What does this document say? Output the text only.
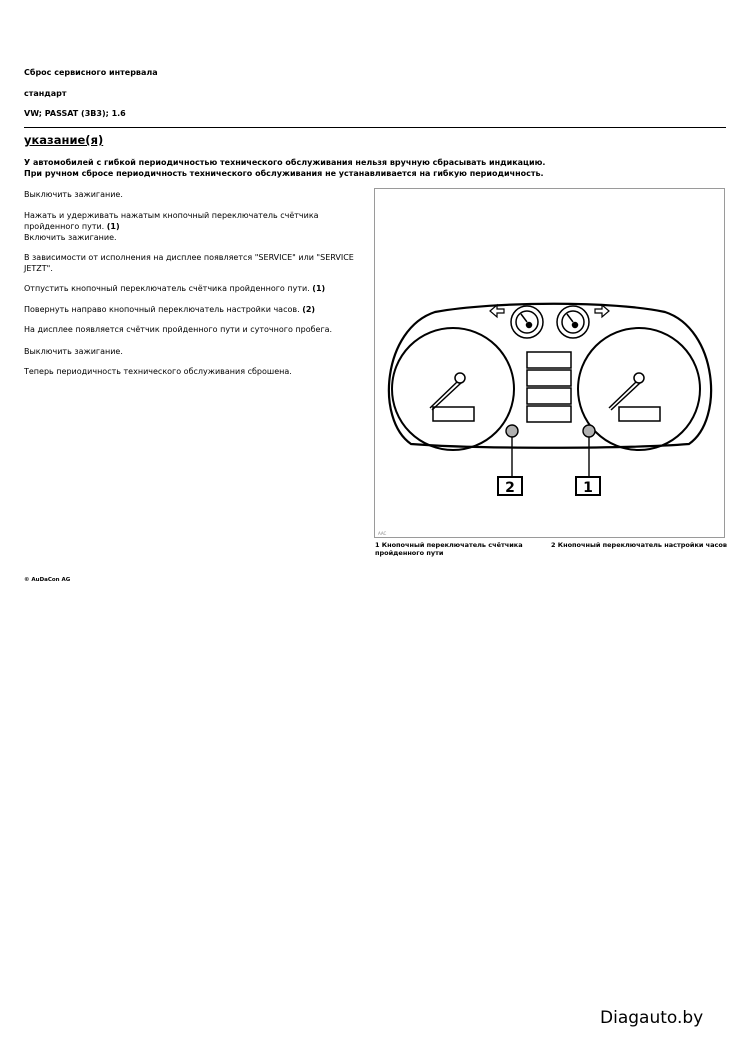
Сброс сервисного интервала
стандарт
VW; PASSAT (3B3); 1.6
указание(я)
У автомобилей с гибкой периодичностью технического обслуживания нельзя вручную сбрасывать индикацию.
При ручном сбросе периодичность технического обслуживания не устанавливается на гибкую периодичность.
Выключить зажигание.
Нажать и удерживать нажатым кнопочный переключатель счётчика пройденного пути. (1)
Включить зажигание.
В зависимости от исполнения на дисплее появляется "SERVICE" или "SERVICE JETZT".
Отпустить кнопочный переключатель счётчика пройденного пути. (1)
Повернуть направо кнопочный переключатель настройки часов. (2)
На дисплее появляется счётчик пройденного пути и суточного пробега.
Выключить зажигание.
Теперь периодичность технического обслуживания сброшена.
2	1
AAC
1 Кнопочный переключатель счётчика пройденного пути
2 Кнопочный переключатель настройки часов
© AuDaCon AG
Diagauto.by
